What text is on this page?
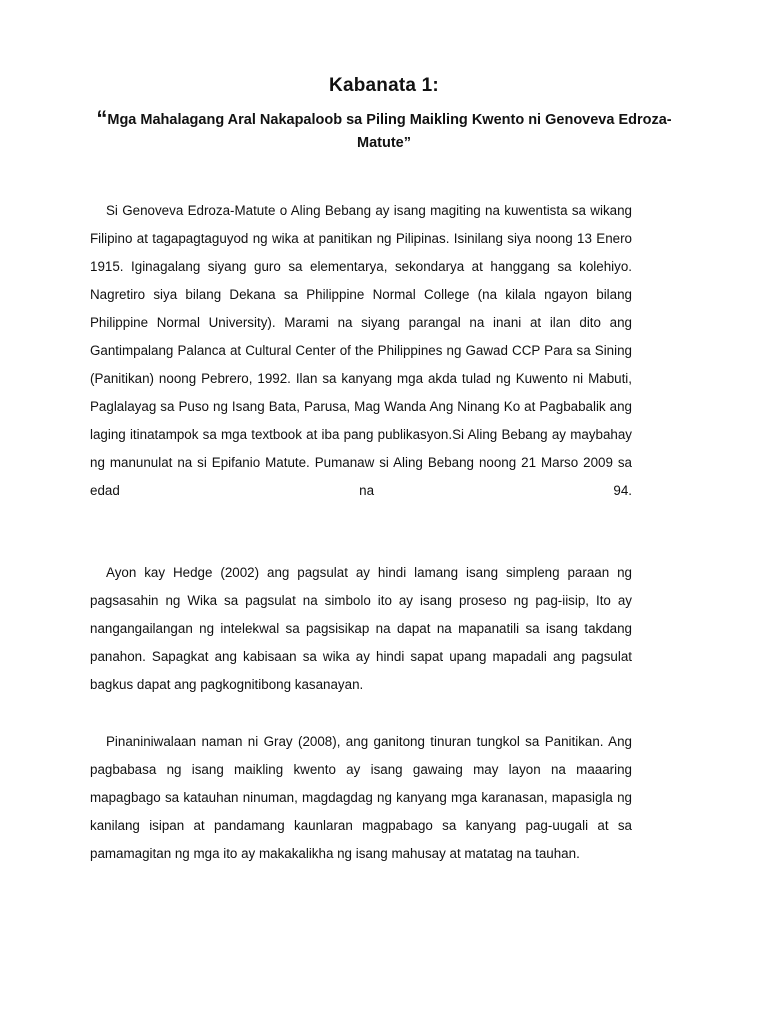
Kabanata 1:
“Mga Mahalagang Aral Nakapaloob sa Piling Maikling Kwento ni Genoveva Edroza-Matute”

Si Genoveva Edroza-Matute o Aling Bebang ay isang magiting na kuwentista sa wikang Filipino at tagapagtaguyod ng wika at panitikan ng Pilipinas. Isinilang siya noong 13 Enero 1915. Iginagalang siyang guro sa elementarya, sekondarya at hanggang sa kolehiyo. Nagretiro siya bilang Dekana sa Philippine Normal College (na kilala ngayon bilang Philippine Normal University). Marami na siyang parangal na inani at ilan dito ang Gantimpalang Palanca at Cultural Center of the Philippines ng Gawad CCP Para sa Sining (Panitikan) noong Pebrero, 1992. Ilan sa kanyang mga akda tulad ng Kuwento ni Mabuti, Paglalayag sa Puso ng Isang Bata, Parusa, Mag Wanda Ang Ninang Ko at Pagbabalik ang laging itinatampok sa mga textbook at iba pang publikasyon.Si Aling Bebang ay maybahay ng manunulat na si Epifanio Matute. Pumanaw si Aling Bebang noong 21 Marso 2009 sa edad na 94.

Ayon kay Hedge (2002) ang pagsulat ay hindi lamang isang simpleng paraan ng pagsasahin ng Wika sa pagsulat na simbolo ito ay isang proseso ng pag-iisip, Ito ay nangangailangan ng intelekwal sa pagsisikap na dapat na mapanatili sa isang takdang panahon. Sapagkat ang kabisaan sa wika ay hindi sapat upang mapadali ang pagsulat bagkus dapat ang pagkognitibong kasanayan.

Pinaniniwalaan naman ni Gray (2008), ang ganitong tinuran tungkol sa Panitikan. Ang pagbabasa ng isang maikling kwento ay isang gawaing may layon na maaaring mapagbago sa katauhan ninuman, magdagdag ng kanyang mga karanasan, mapasigla ng kanilang isipan at pandamang kaunlaran magpabago sa kanyang pag-uugali at sa pamamagitan ng mga ito ay makakalikha ng isang mahusay at matatag na tauhan.
